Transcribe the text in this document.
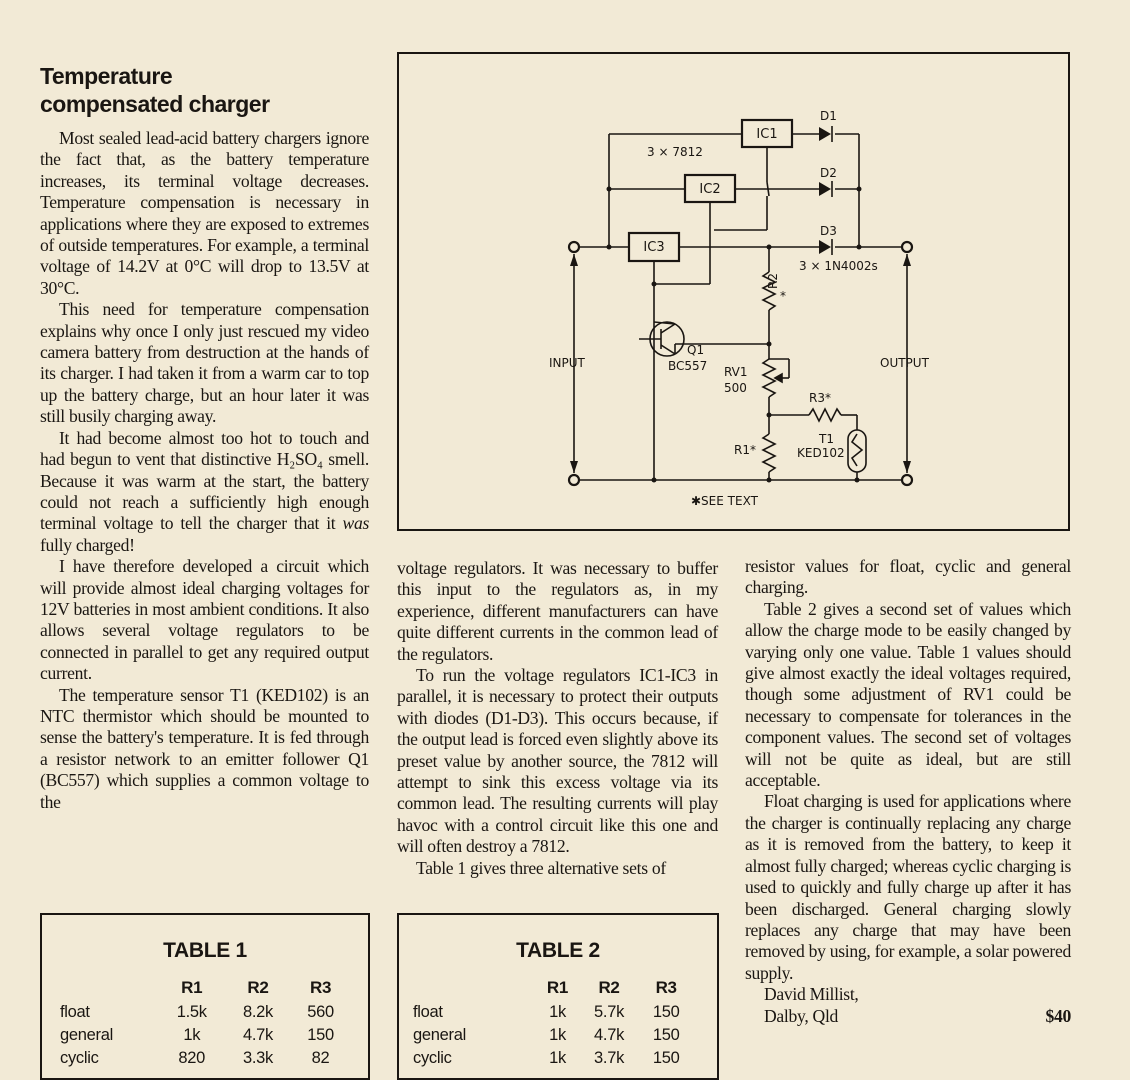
Temperature
compensated charger

Most sealed lead-acid battery chargers ignore the fact that, as the battery temperature increases, its terminal voltage decreases. Temperature compensation is necessary in applications where they are exposed to extremes of outside temperatures. For example, a terminal voltage of 14.2V at 0°C will drop to 13.5V at 30°C.

This need for temperature compensation explains why once I only just rescued my video camera battery from destruction at the hands of its charger. I had taken it from a warm car to top up the battery charge, but an hour later it was still busily charging away.

It had become almost too hot to touch and had begun to vent that distinctive H₂SO₄ smell. Because it was warm at the start, the battery could not reach a sufficiently high enough terminal voltage to tell the charger that it was fully charged!

I have therefore developed a circuit which will provide almost ideal charging voltages for 12V batteries in most ambient conditions. It also allows several voltage regulators to be connected in parallel to get any required output current.

The temperature sensor T1 (KED102) is an NTC thermistor which should be mounted to sense the battery's temperature. It is fed through a resistor network to an emitter follower Q1 (BC557) which supplies a common voltage to the

IC1
IC2
IC3
D1
D2
D3
3 × 7812
3 × 1N4002s
INPUT	OUTPUT
Q1
BC557
R2
*
RV1
500
R3*
R1*
T1
KED102
✱SEE TEXT

voltage regulators. It was necessary to buffer this input to the regulators as, in my experience, different manufacturers can have quite different currents in the common lead of the regulators.

To run the voltage regulators IC1-IC3 in parallel, it is necessary to protect their outputs with diodes (D1-D3). This occurs because, if the output lead is forced even slightly above its preset value by another source, the 7812 will attempt to sink this excess voltage via its common lead. The resulting currents will play havoc with a control circuit like this one and will often destroy a 7812.

Table 1 gives three alternative sets of

resistor values for float, cyclic and general charging.

Table 2 gives a second set of values which allow the charge mode to be easily changed by varying only one value. Table 1 values should give almost exactly the ideal voltages required, though some adjustment of RV1 could be necessary to compensate for tolerances in the component values. The second set of voltages will not be quite as ideal, but are still acceptable.

Float charging is used for applications where the charger is continually replacing any charge as it is removed from the battery, to keep it almost fully charged; whereas cyclic charging is used to quickly and fully charge up after it has been discharged. General charging slowly replaces any charge that may have been removed by using, for example, a solar powered supply.

David Millist,

Dalby, Qld	$40

TABLE 1
	R1	R2	R3
float	1.5k	8.2k	560
general	1k	4.7k	150
cyclic	820	3.3k	82
TABLE 2
	R1	R2	R3
float	1k	5.7k	150
general	1k	4.7k	150
cyclic	1k	3.7k	150
